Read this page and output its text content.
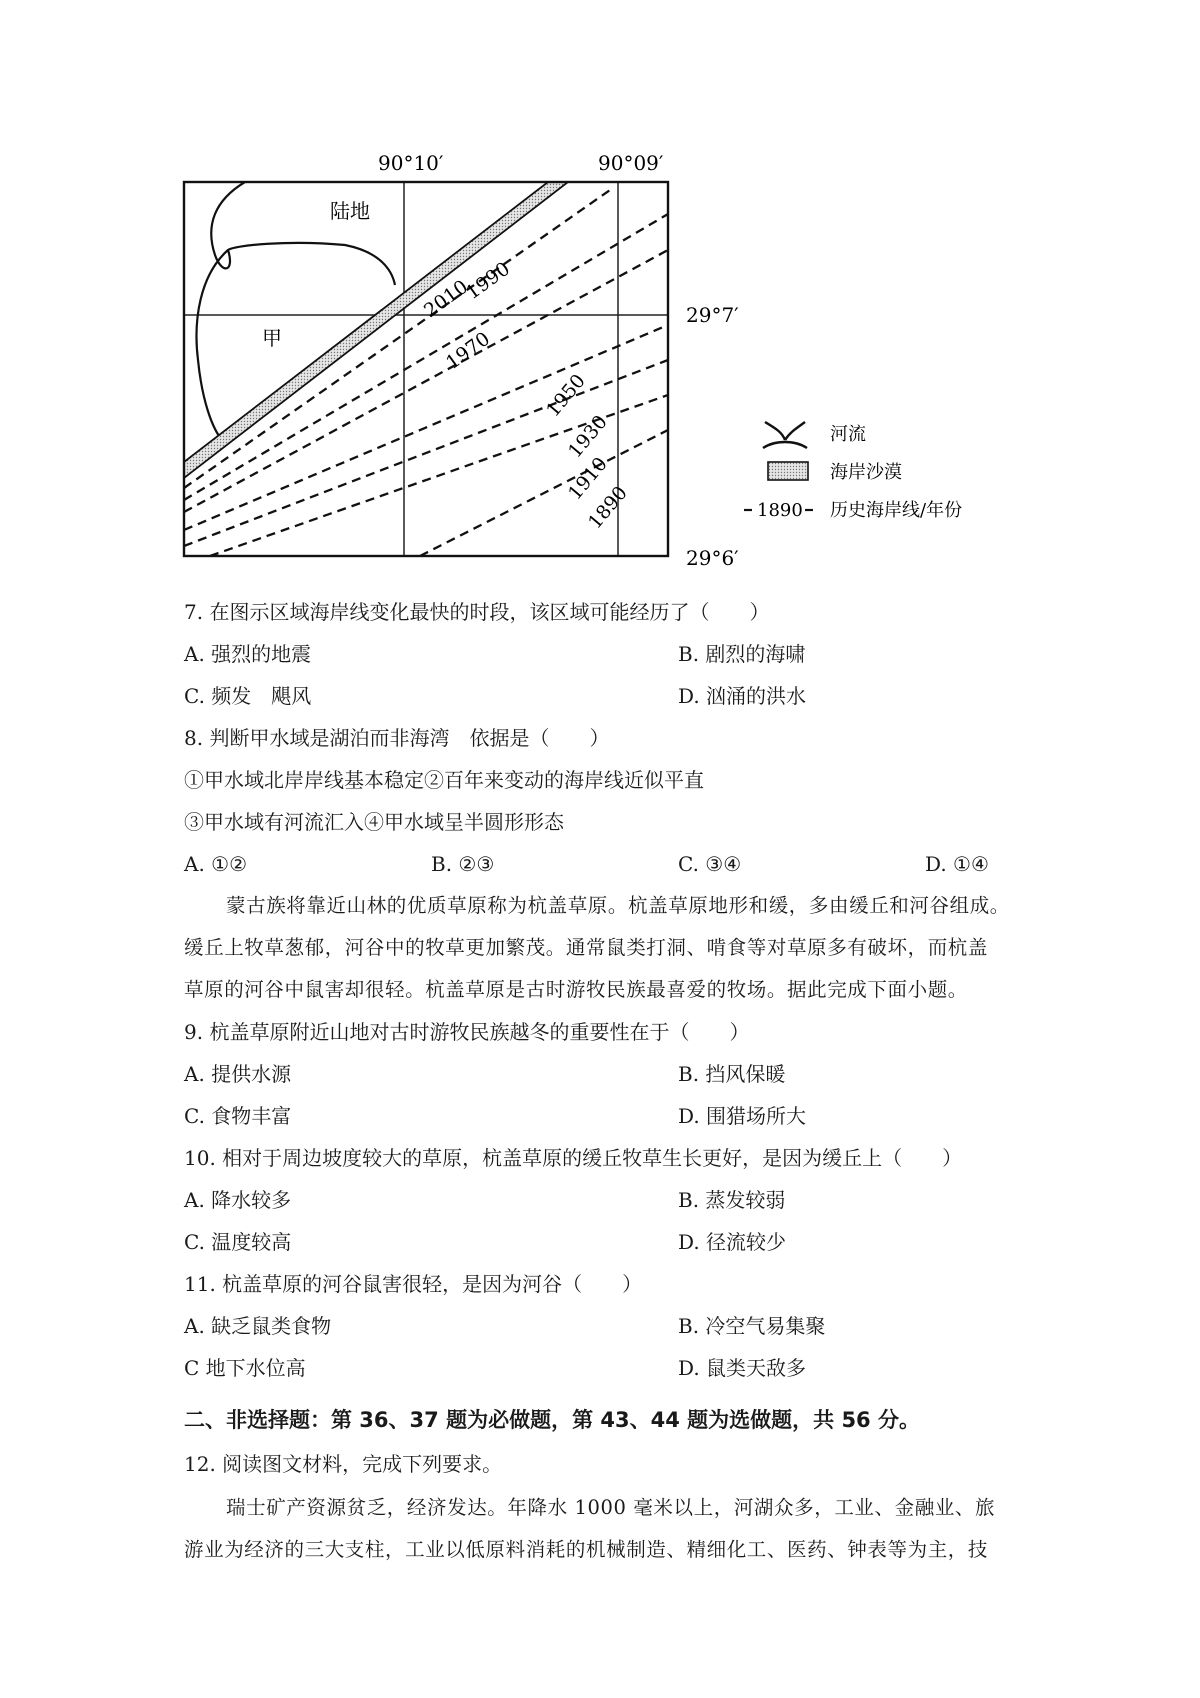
90°10′	90°09′
29°7′
29°6′
陆地
甲
2010
1990
1970
1950
1930
1910
1890
河流
海岸沙漠
1890 历史海岸线/年份
7. 在图示区域海岸线变化最快的时段，该区域可能经历了（　　）
A. 强烈的地震	B. 剧烈的海啸
C. 频发　飓风	D. 汹涌的洪水
8. 判断甲水域是湖泊而非海湾　依据是（　　）
①甲水域北岸岸线基本稳定②百年来变动的海岸线近似平直
③甲水域有河流汇入④甲水域呈半圆形形态
A. ①②	B. ②③	C. ③④	D. ①④
蒙古族将靠近山林的优质草原称为杭盖草原。杭盖草原地形和缓，多由缓丘和河谷组成。
缓丘上牧草葱郁，河谷中的牧草更加繁茂。通常鼠类打洞、啃食等对草原多有破坏，而杭盖
草原的河谷中鼠害却很轻。杭盖草原是古时游牧民族最喜爱的牧场。据此完成下面小题。
9. 杭盖草原附近山地对古时游牧民族越冬的重要性在于（　　）
A. 提供水源	B. 挡风保暖
C. 食物丰富	D. 围猎场所大
10. 相对于周边坡度较大的草原，杭盖草原的缓丘牧草生长更好，是因为缓丘上（　　）
A. 降水较多	B. 蒸发较弱
C. 温度较高	D. 径流较少
11. 杭盖草原的河谷鼠害很轻，是因为河谷（　　）
A. 缺乏鼠类食物	B. 冷空气易集聚
C 地下水位高	D. 鼠类天敌多
二、非选择题：第 36、37 题为必做题，第 43、44 题为选做题，共 56 分。
12. 阅读图文材料，完成下列要求。
瑞士矿产资源贫乏，经济发达。年降水 1000 毫米以上，河湖众多，工业、金融业、旅
游业为经济的三大支柱，工业以低原料消耗的机械制造、精细化工、医药、钟表等为主，技
